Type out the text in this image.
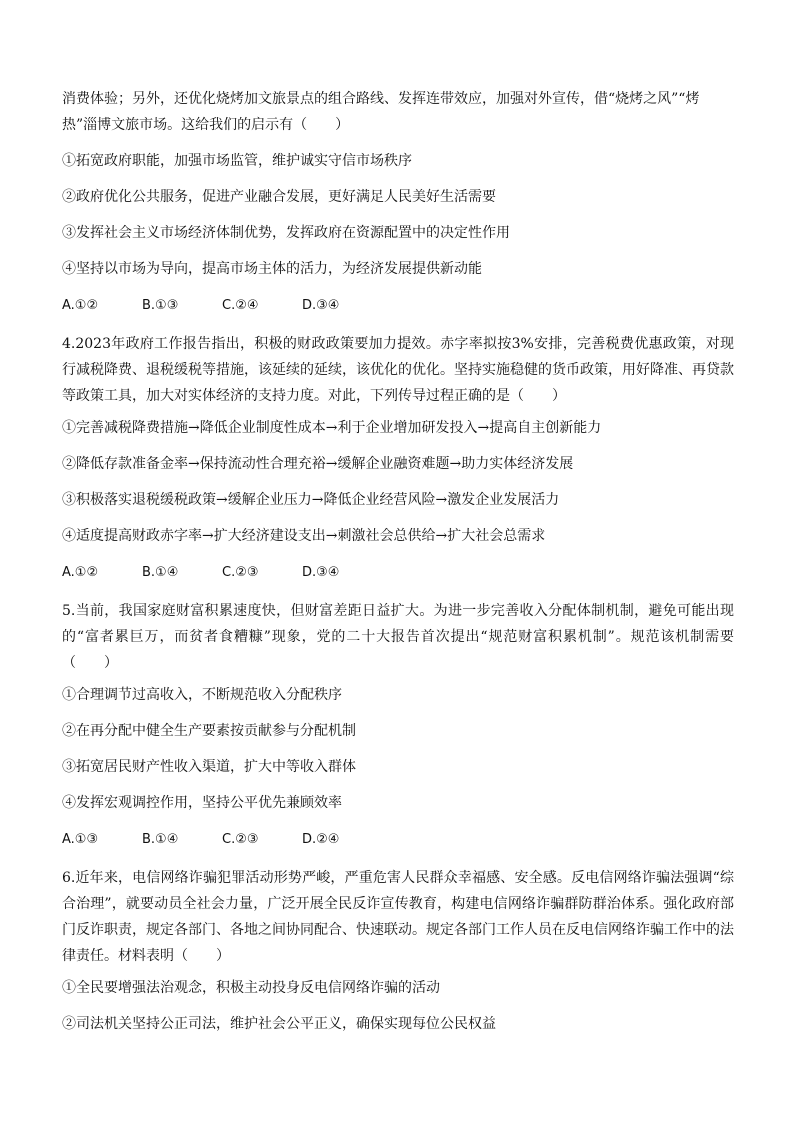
消费体验；另外，还优化烧烤加文旅景点的组合路线、发挥连带效应，加强对外宣传，借“烧烤之风”“烤
热”淄博文旅市场。这给我们的启示有（　　）

①拓宽政府职能，加强市场监管，维护诚实守信市场秩序
②政府优化公共服务，促进产业融合发展，更好满足人民美好生活需要
③发挥社会主义市场经济体制优势，发挥政府在资源配置中的决定性作用
④坚持以市场为导向，提高市场主体的活力，为经济发展提供新动能
A.①②	B.①③	C.②④	D.③④

4.2023年政府工作报告指出，积极的财政政策要加力提效。赤字率拟按3%安排，完善税费优惠政策，对现行减税降费、退税缓税等措施，该延续的延续，该优化的优化。坚持实施稳健的货币政策，用好降准、再贷款等政策工具，加大对实体经济的支持力度。对此，下列传导过程正确的是（　　）

①完善减税降费措施→降低企业制度性成本→利于企业增加研发投入→提高自主创新能力
②降低存款准备金率→保持流动性合理充裕→缓解企业融资难题→助力实体经济发展
③积极落实退税缓税政策→缓解企业压力→降低企业经营风险→激发企业发展活力
④适度提高财政赤字率→扩大经济建设支出→刺激社会总供给→扩大社会总需求
A.①②	B.①④	C.②③	D.③④

5.当前，我国家庭财富积累速度快，但财富差距日益扩大。为进一步完善收入分配体制机制，避免可能出现的“富者累巨万，而贫者食糟糠”现象，党的二十大报告首次提出“规范财富积累机制”。规范该机制需要（　　）

①合理调节过高收入，不断规范收入分配秩序
②在再分配中健全生产要素按贡献参与分配机制
③拓宽居民财产性收入渠道，扩大中等收入群体
④发挥宏观调控作用，坚持公平优先兼顾效率
A.①③	B.①④	C.②③	D.②④

6.近年来，电信网络诈骗犯罪活动形势严峻，严重危害人民群众幸福感、安全感。反电信网络诈骗法强调“综合治理”，就要动员全社会力量，广泛开展全民反诈宣传教育，构建电信网络诈骗群防群治体系。强化政府部门反诈职责，规定各部门、各地之间协同配合、快速联动。规定各部门工作人员在反电信网络诈骗工作中的法律责任。材料表明（　　）

①全民要增强法治观念，积极主动投身反电信网络诈骗的活动
②司法机关坚持公正司法，维护社会公平正义，确保实现每位公民权益
